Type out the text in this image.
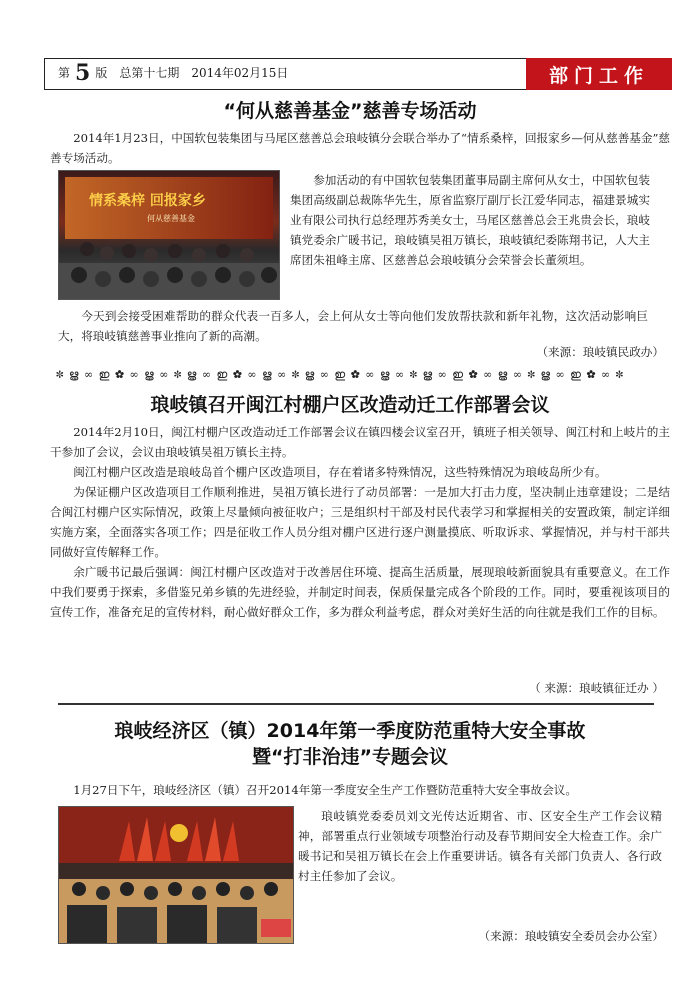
第 5 版　总第十七期　2014年02月15日	部门工作
“何从慈善基金”慈善专场活动

2014年1月23日，中国软包装集团与马尾区慈善总会琅岐镇分会联合举办了“情系桑梓，回报家乡—何从慈善基金”慈善专场活动。

情系桑梓 回报家乡
何从慈善基金

参加活动的有中国软包装集团董事局副主席何从女士，中国软包装集团高级副总裁陈华先生，原省监察厅副厅长江爱华同志，福建景城实业有限公司执行总经理苏秀美女士，马尾区慈善总会王兆贵会长，琅岐镇党委余广暖书记，琅岐镇吴祖万镇长，琅岐镇纪委陈翔书记，人大主席团朱祖峰主席、区慈善总会琅岐镇分会荣誉会长董须坦。

今天到会接受困难帮助的群众代表一百多人，会上何从女士等向他们发放帮扶款和新年礼物，这次活动影响巨大，将琅岐镇慈善事业推向了新的高潮。

（来源：琅岐镇民政办）
✽ ൠ ∞ ഇ ✿ ∞ ൠ ∞ ✽ ൠ ∞ ഇ ✿ ∞ ൠ ∞ ✽ ൠ ∞ ഇ ✿ ∞ ൠ ∞ ✽ ൠ ∞ ഇ ✿ ∞ ൠ ∞ ✽ ൠ ∞ ഇ ✿ ∞ ✽
琅岐镇召开闽江村棚户区改造动迁工作部署会议

2014年2月10日，闽江村棚户区改造动迁工作部署会议在镇四楼会议室召开，镇班子相关领导、闽江村和上岐片的主干参加了会议，会议由琅岐镇吴祖万镇长主持。

闽江村棚户区改造是琅岐岛首个棚户区改造项目，存在着诸多特殊情况，这些特殊情况为琅岐岛所少有。

为保证棚户区改造项目工作顺利推进，吴祖万镇长进行了动员部署：一是加大打击力度，坚决制止违章建设；二是结合闽江村棚户区实际情况，政策上尽量倾向被征收户；三是组织村干部及村民代表学习和掌握相关的安置政策，制定详细实施方案，全面落实各项工作；四是征收工作人员分组对棚户区进行逐户测量摸底、听取诉求、掌握情况，并与村干部共同做好宣传解释工作。

余广暖书记最后强调：闽江村棚户区改造对于改善居住环境、提高生活质量，展现琅岐新面貌具有重要意义。在工作中我们要勇于探索，多借鉴兄弟乡镇的先进经验，并制定时间表，保质保量完成各个阶段的工作。同时，要重视该项目的宣传工作，准备充足的宣传材料，耐心做好群众工作，多为群众利益考虑，群众对美好生活的向往就是我们工作的目标。

（ 来源：琅岐镇征迁办 ）
琅岐经济区（镇）2014年第一季度防范重特大安全事故
暨“打非治违”专题会议

1月27日下午，琅岐经济区（镇）召开2014年第一季度安全生产工作暨防范重特大安全事故会议。

琅岐镇党委委员刘文光传达近期省、市、区安全生产工作会议精神，部署重点行业领域专项整治行动及春节期间安全大检查工作。余广暖书记和吴祖万镇长在会上作重要讲话。镇各有关部门负责人、各行政村主任参加了会议。

（来源：琅岐镇安全委员会办公室）
